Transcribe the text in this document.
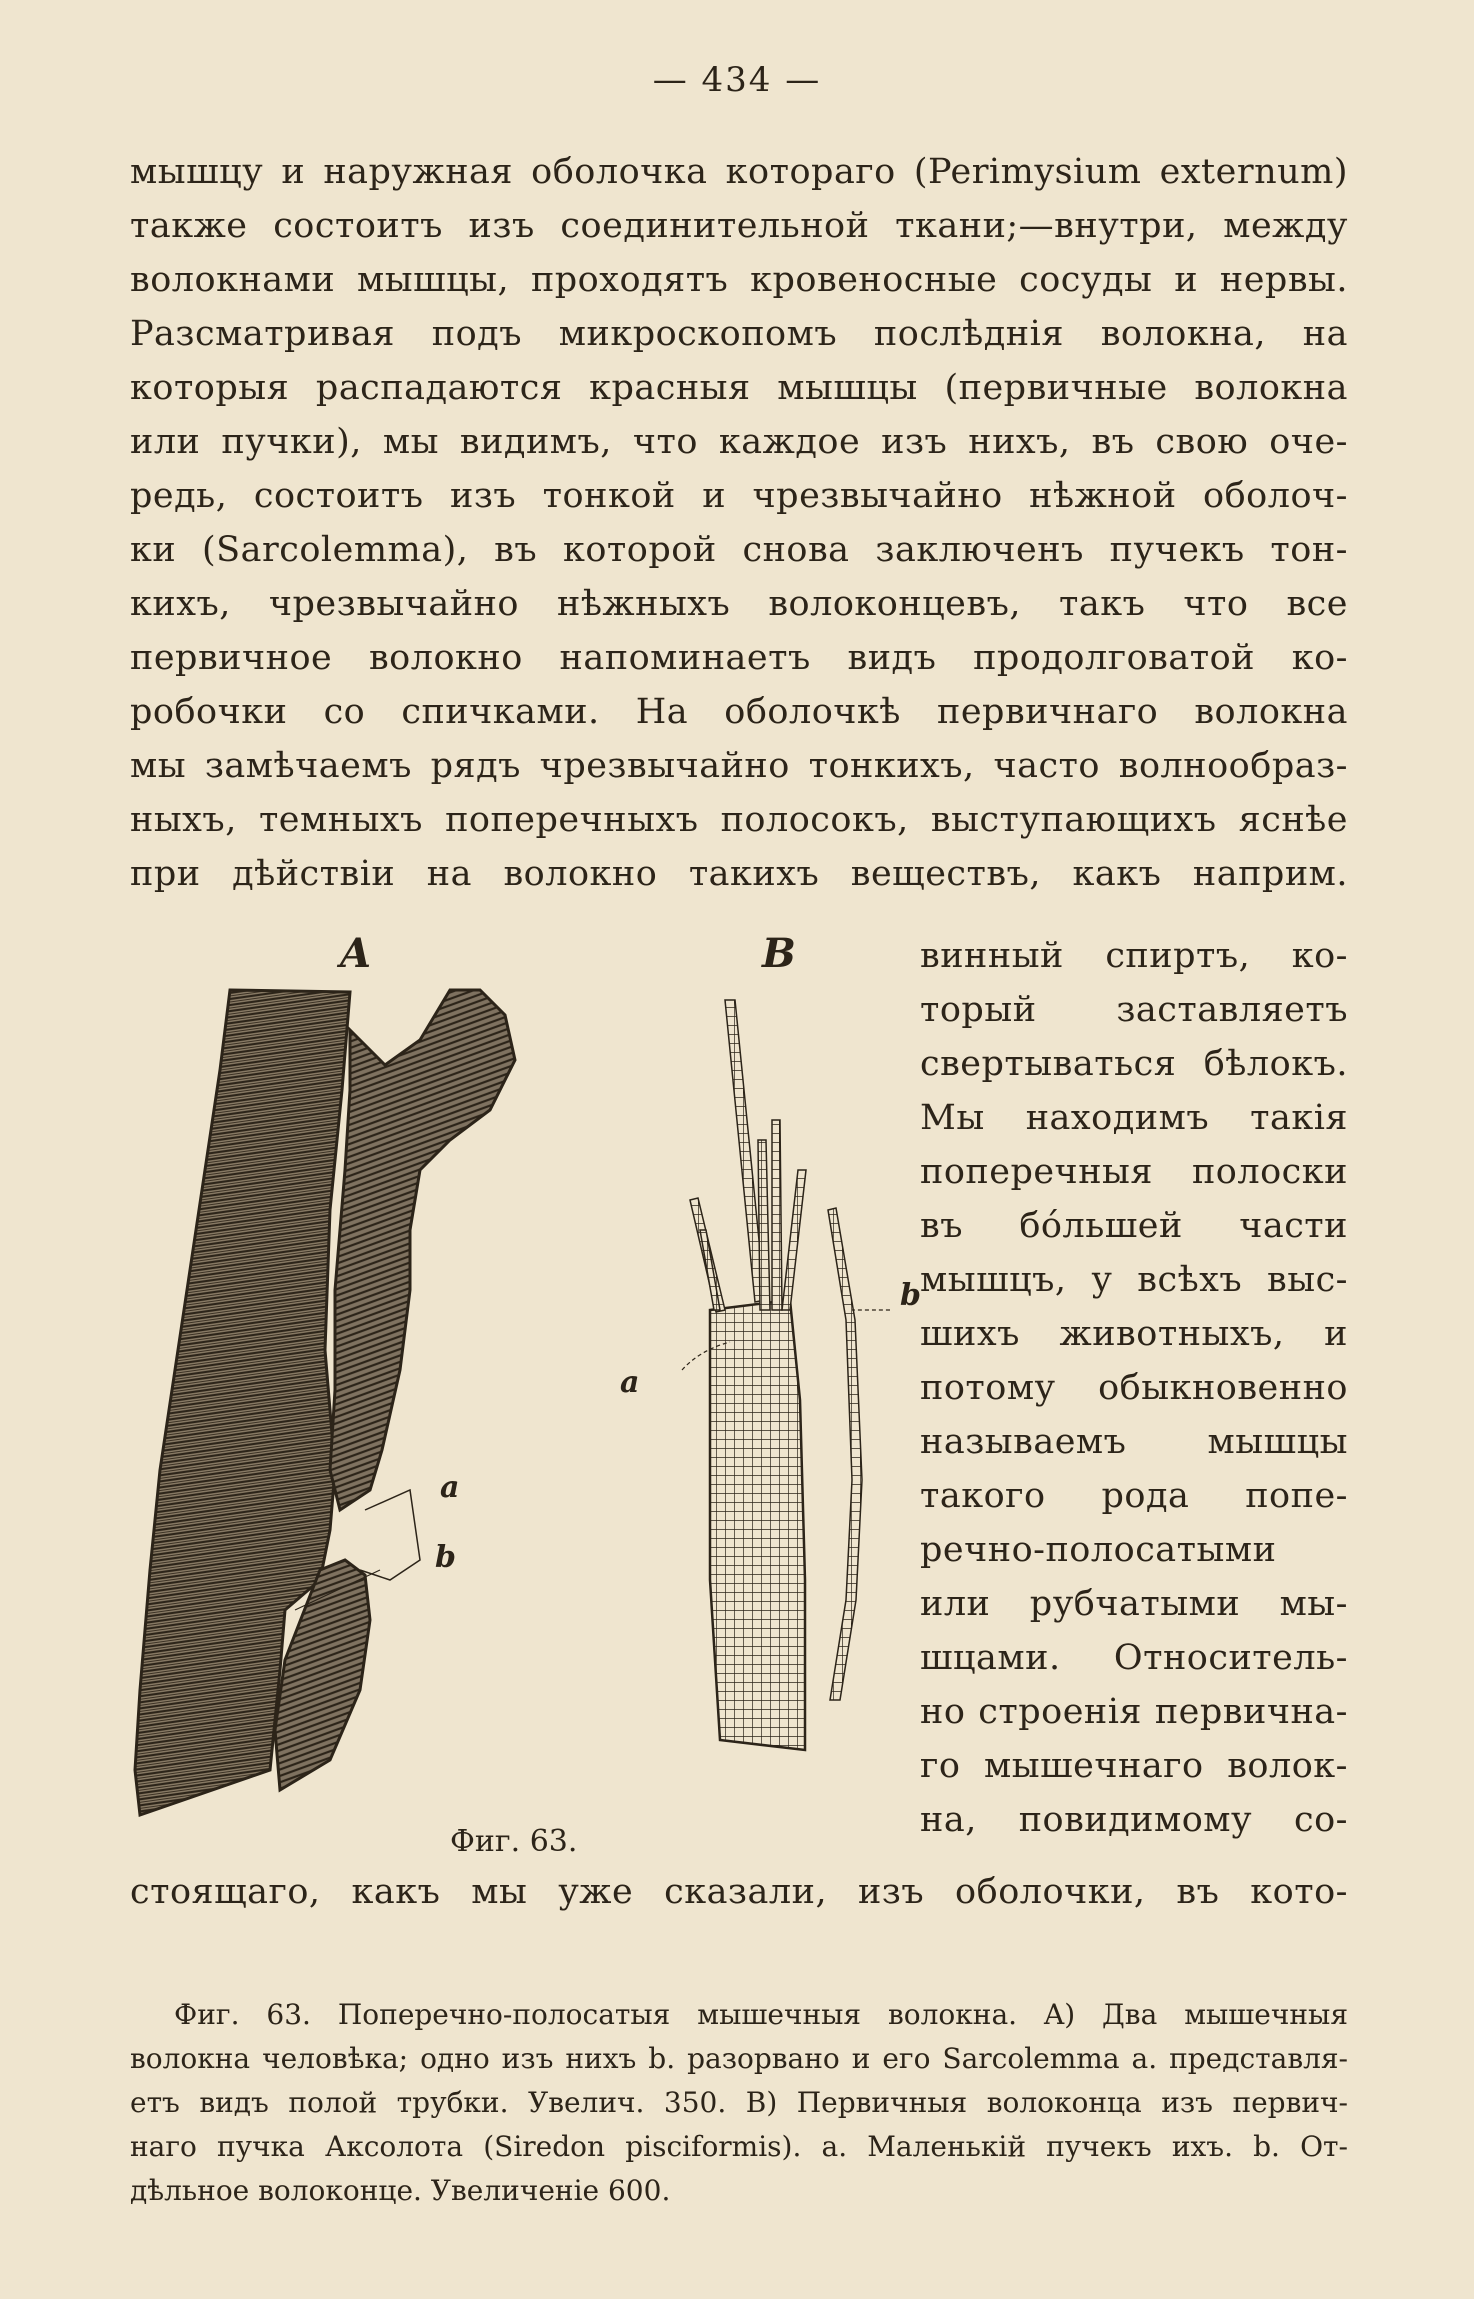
— 434 —
мышцу и наружная оболочка котораго (Perimysium externum)
также состоитъ изъ соединительной ткани;—внутри, между
волокнами мышцы, проходятъ кровеносные сосуды и нервы.
Разсматривая подъ микроскопомъ послѣднія волокна, на
которыя распадаются красныя мышцы (первичные волокна
или пучки), мы видимъ, что каждое изъ нихъ, въ свою оче-
редь, состоитъ изъ тонкой и чрезвычайно нѣжной оболоч-
ки (Sarcolemma), въ которой снова заключенъ пучекъ тон-
кихъ, чрезвычайно нѣжныхъ волоконцевъ, такъ что все
первичное волокно напоминаетъ видъ продолговатой ко-
робочки со спичками. На оболочкѣ первичнаго волокна
мы замѣчаемъ рядъ чрезвычайно тонкихъ, часто волнообраз-
ныхъ, темныхъ поперечныхъ полосокъ, выступающихъ яснѣе
при дѣйствіи на волокно такихъ веществъ, какъ наприм.
A	B
a
b
a
b
Фиг. 63.
винный спиртъ, ко-
торый заставляетъ
свертываться бѣлокъ.
Мы находимъ такія
поперечныя полоски
въ бо́льшей части
мышцъ, у всѣхъ выс-
шихъ животныхъ, и
потому обыкновенно
называемъ мышцы
такого рода попе-
речно-полосатыми
или рубчатыми мы-
шцами. Относитель-
но строенія первична-
го мышечнаго волок-
на, повидимому со-
стоящаго, какъ мы уже сказали, изъ оболочки, въ кото-
Фиг. 63. Поперечно-полосатыя мышечныя волокна. A) Два мышечныя
волокна человѣка; одно изъ нихъ b. разорвано и его Sarcolemma a. представля-
етъ видъ полой трубки. Увелич. 350. B) Первичныя волоконца изъ первич-
наго пучка Аксолота (Siredon pisciformis). a. Маленькій пучекъ ихъ. b. От-
дѣльное волоконце. Увеличеніе 600.
